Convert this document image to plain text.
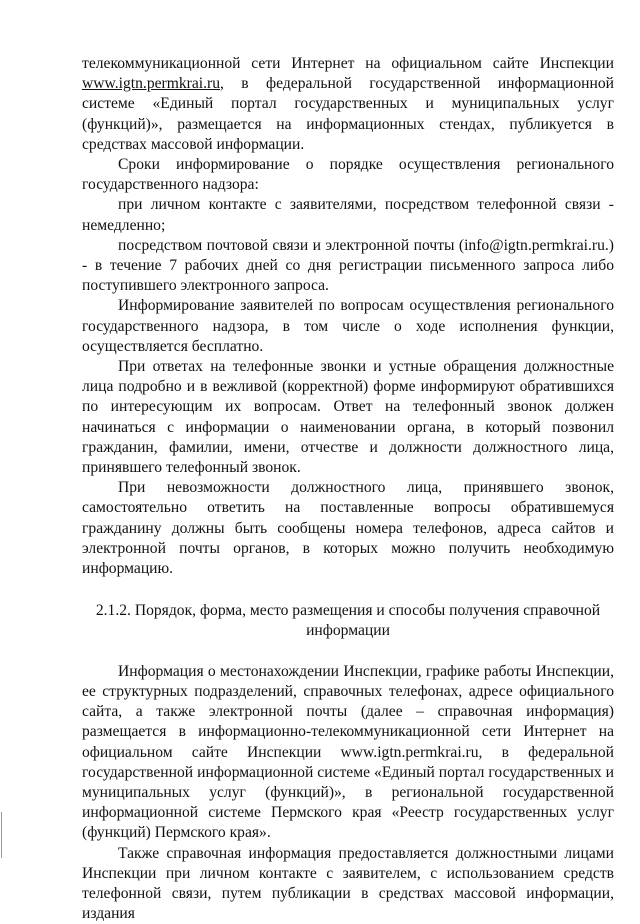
телекоммуникационной сети Интернет на официальном сайте Инспекции www.igtn.permkrai.ru, в федеральной государственной информационной системе «Единый портал государственных и муниципальных услуг (функций)», размещается на информационных стендах, публикуется в средствах массовой информации.

Сроки информирование о порядке осуществления регионального государственного надзора:

при личном контакте с заявителями, посредством телефонной связи - немедленно;

посредством почтовой связи и электронной почты (info@igtn.permkrai.ru.) - в течение 7 рабочих дней со дня регистрации письменного запроса либо поступившего электронного запроса.

Информирование заявителей по вопросам осуществления регионального государственного надзора, в том числе о ходе исполнения функции, осуществляется бесплатно.

При ответах на телефонные звонки и устные обращения должностные лица подробно и в вежливой (корректной) форме информируют обратившихся по интересующим их вопросам. Ответ на телефонный звонок должен начинаться с информации о наименовании органа, в который позвонил гражданин, фамилии, имени, отчестве и должности должностного лица, принявшего телефонный звонок.

При невозможности должностного лица, принявшего звонок, самостоятельно ответить на поставленные вопросы обратившемуся гражданину должны быть сообщены номера телефонов, адреса сайтов и электронной почты органов, в которых можно получить необходимую информацию.

2.1.2. Порядок, форма, место размещения и способы получения справочной
информации

Информация о местонахождении Инспекции, графике работы Инспекции, ее структурных подразделений, справочных телефонах, адресе официального сайта, а также электронной почты (далее – справочная информация) размещается в информационно-телекоммуникационной сети Интернет на официальном сайте Инспекции www.igtn.permkrai.ru, в федеральной государственной информационной системе «Единый портал государственных и муниципальных услуг (функций)», в региональной государственной информационной системе Пермского края «Реестр государственных услуг (функций) Пермского края».

Также справочная информация предоставляется должностными лицами Инспекции при личном контакте с заявителем, с использованием средств телефонной связи, путем публикации в средствах массовой информации, издания
